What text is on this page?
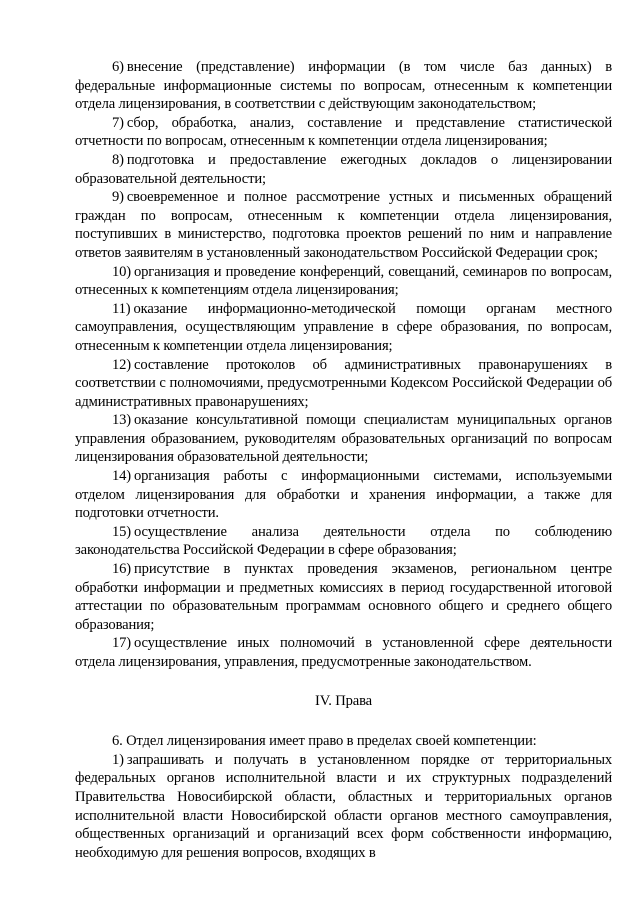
6) внесение (представление) информации (в том числе баз данных) в федеральные информационные системы по вопросам, отнесенным к компетенции отдела лицензирования, в соответствии с действующим законодательством;

7) сбор, обработка, анализ, составление и представление статистической отчетности по вопросам, отнесенным к компетенции отдела лицензирования;

8) подготовка и предоставление ежегодных докладов о лицензировании образовательной деятельности;

9) своевременное и полное рассмотрение устных и письменных обращений граждан по вопросам, отнесенным к компетенции отдела лицензирования, поступивших в министерство, подготовка проектов решений по ним и направление ответов заявителям в установленный законодательством Российской Федерации срок;

10) организация и проведение конференций, совещаний, семинаров по вопросам, отнесенных к компетенциям отдела лицензирования;

11) оказание информационно-методической помощи органам местного самоуправления, осуществляющим управление в сфере образования, по вопросам, отнесенным к компетенции отдела лицензирования;

12) составление протоколов об административных правонарушениях в соответствии с полномочиями, предусмотренными Кодексом Российской Федерации об административных правонарушениях;

13) оказание консультативной помощи специалистам муниципальных органов управления образованием, руководителям образовательных организаций по вопросам лицензирования образовательной деятельности;

14) организация работы с информационными системами, используемыми отделом лицензирования для обработки и хранения информации, а также для подготовки отчетности.

15) осуществление анализа деятельности отдела по соблюдению законодательства Российской Федерации в сфере образования;

16) присутствие в пунктах проведения экзаменов, региональном центре обработки информации и предметных комиссиях в период государственной итоговой аттестации по образовательным программам основного общего и среднего общего образования;

17) осуществление иных полномочий в установленной сфере деятельности отдела лицензирования, управления, предусмотренные законодательством.

IV. Права

6. Отдел лицензирования имеет право в пределах своей компетенции:

1) запрашивать и получать в установленном порядке от территориальных федеральных органов исполнительной власти и их структурных подразделений Правительства Новосибирской области, областных и территориальных органов исполнительной власти Новосибирской области органов местного самоуправления, общественных организаций и организаций всех форм собственности информацию, необходимую для решения вопросов, входящих в
